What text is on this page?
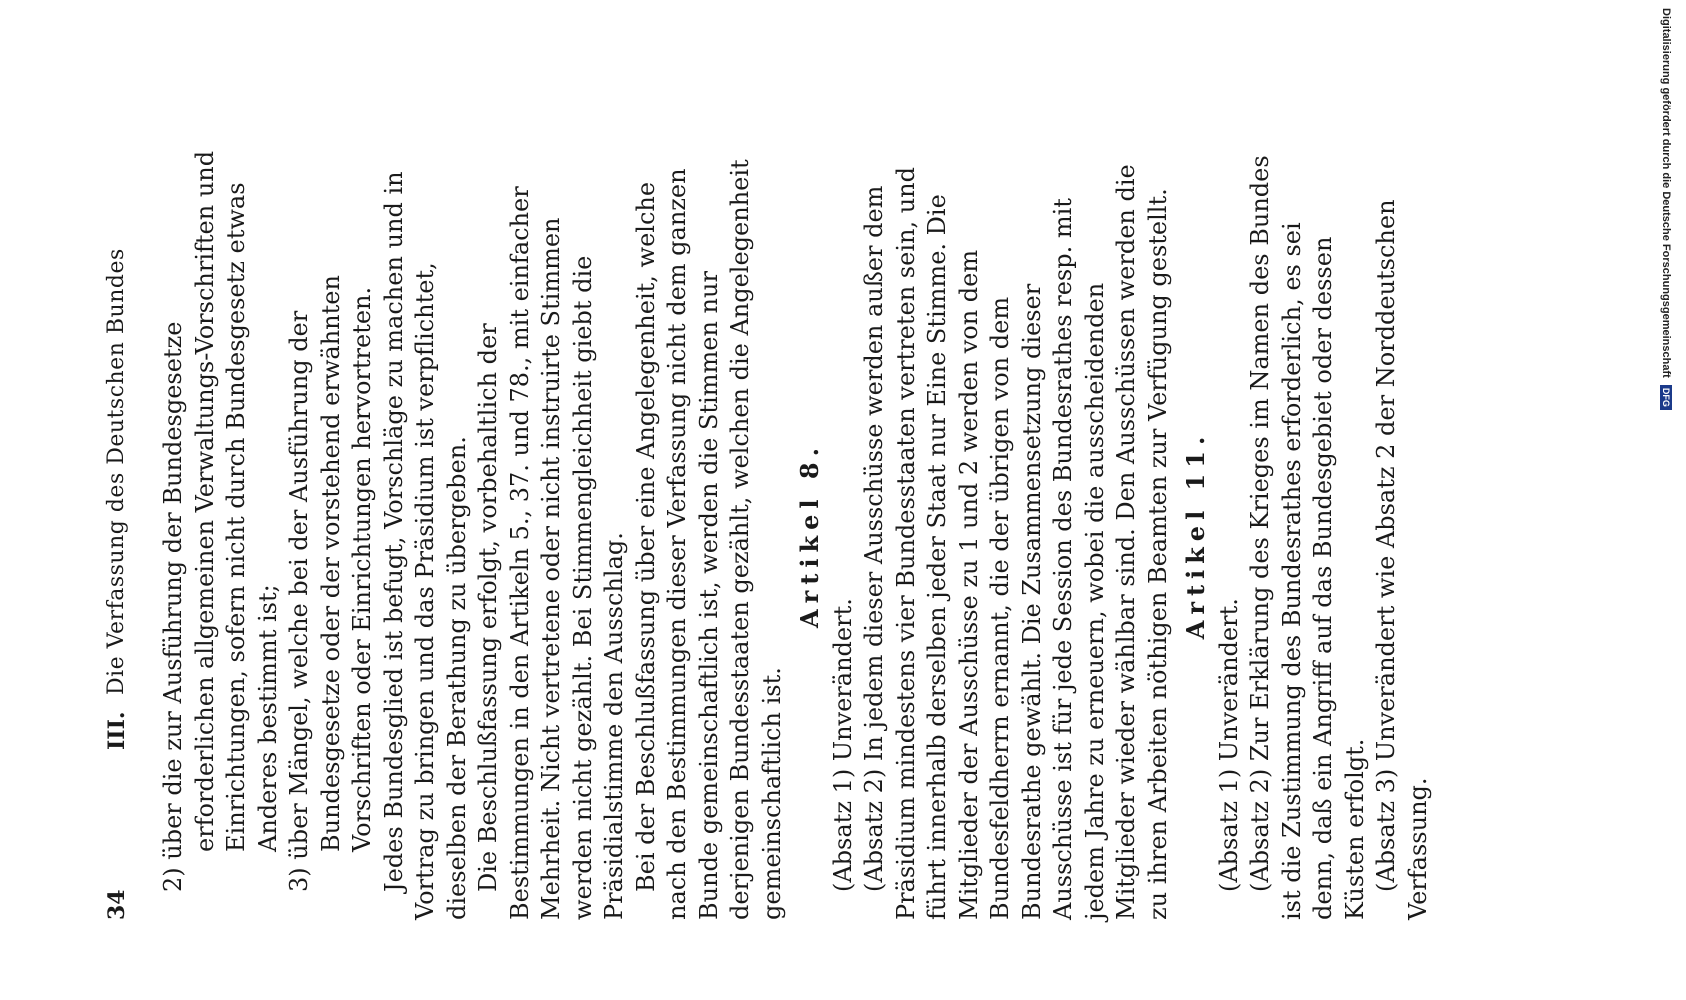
34
III.
Die Verfassung des Deutschen Bundes 2) über die zur Ausführung der Bundesgesetze erforderlichen allgemeinen Verwaltungs-Vorschriften und Einrichtungen, sofern nicht durch Bundesgesetz etwas Anderes bestimmt ist; 3) über Mängel, welche bei der Ausführung der Bundesgesetze oder der vorstehend erwähnten Vorschriften oder Einrichtungen hervortreten. Jedes Bundesglied ist befugt, Vorschläge zu machen und in Vortrag zu bringen und das Präsidium ist verpflichtet, dieselben der Berathung zu übergeben. Die Beschlußfassung erfolgt, vorbehaltlich der Bestimmungen in den Artikeln 5., 37. und 78., mit einfacher Mehrheit. Nicht vertretene oder nicht instruirte Stimmen werden nicht gezählt. Bei Stimmengleichheit giebt die Präsidialstimme den Ausschlag. Bei der Beschlußfassung über eine Angelegenheit, welche nach den Bestimmungen dieser Verfassung nicht dem ganzen Bunde gemeinschaftlich ist, werden die Stimmen nur derjenigen Bundesstaaten gezählt, welchen die Angelegenheit gemeinschaftlich ist.

Artikel 8.

(Absatz 1) Unverändert. (Absatz 2) In jedem dieser Ausschüsse werden außer dem Präsidium mindestens vier Bundesstaaten vertreten sein, und führt innerhalb derselben jeder Staat nur Eine Stimme. Die Mitglieder der Ausschüsse zu 1 und 2 werden von dem Bundesfeldherrn ernannt, die der übrigen von dem Bundesrathe gewählt. Die Zusammensetzung dieser Ausschüsse ist für jede Session des Bundesrathes resp. mit jedem Jahre zu erneuern, wobei die ausscheidenden Mitglieder wieder wählbar sind. Den Ausschüssen werden die zu ihren Arbeiten nöthigen Beamten zur Verfügung gestellt. Artikel 11.

(Absatz 1) Unverändert. (Absatz 2) Zur Erklärung des Krieges im Namen des Bundes ist die Zustimmung des Bundesrathes erforderlich, es sei denn, daß ein Angriff auf das Bundesgebiet oder dessen Küsten erfolgt. (Absatz 3) Unverändert wie Absatz 2 der Norddeutschen Verfassung.

Digitalisierung gefördert durch die Deutsche Forschungsgemeinschaft DFG
